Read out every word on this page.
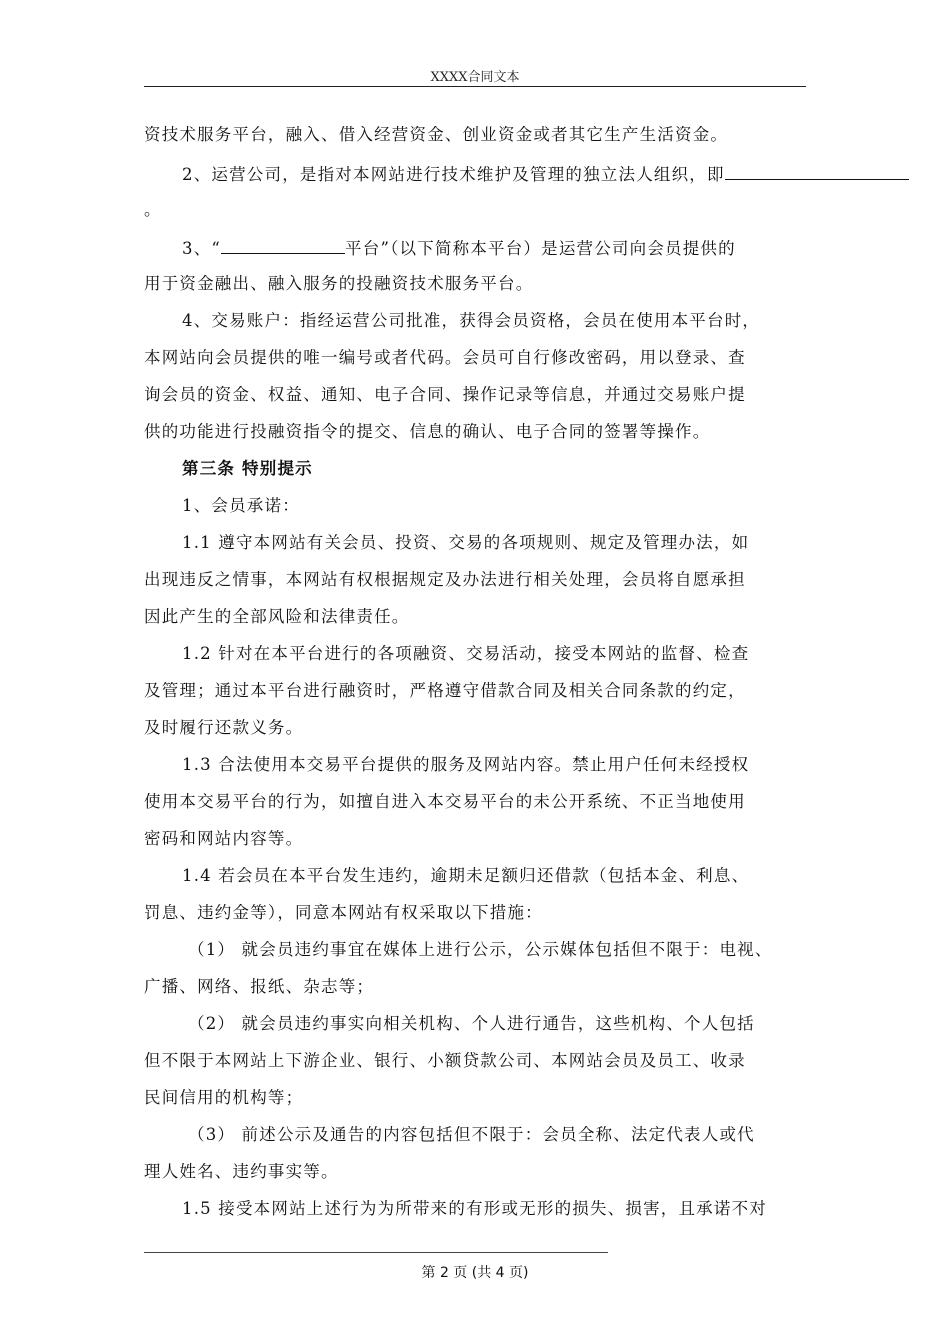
XXXX合同文本
资技术服务平台，融入、借入经营资金、创业资金或者其它生产生活资金。
2、运营公司，是指对本网站进行技术维护及管理的独立法人组织，即
。
3、“	平台”（以下简称本平台）是运营公司向会员提供的
用于资金融出、融入服务的投融资技术服务平台。
4、交易账户：指经运营公司批准，获得会员资格，会员在使用本平台时，
本网站向会员提供的唯一编号或者代码。会员可自行修改密码，用以登录、查
询会员的资金、权益、通知、电子合同、操作记录等信息，并通过交易账户提
供的功能进行投融资指令的提交、信息的确认、电子合同的签署等操作。
第三条 特别提示
1、会员承诺：
1.1 遵守本网站有关会员、投资、交易的各项规则、规定及管理办法，如
出现违反之情事，本网站有权根据规定及办法进行相关处理，会员将自愿承担
因此产生的全部风险和法律责任。
1.2 针对在本平台进行的各项融资、交易活动，接受本网站的监督、检查
及管理；通过本平台进行融资时，严格遵守借款合同及相关合同条款的约定，
及时履行还款义务。
1.3 合法使用本交易平台提供的服务及网站内容。禁止用户任何未经授权
使用本交易平台的行为，如擅自进入本交易平台的未公开系统、不正当地使用
密码和网站内容等。
1.4 若会员在本平台发生违约，逾期未足额归还借款（包括本金、利息、
罚息、违约金等），同意本网站有权采取以下措施：
（1） 就会员违约事宜在媒体上进行公示，公示媒体包括但不限于：电视、
广播、网络、报纸、杂志等；
（2） 就会员违约事实向相关机构、个人进行通告，这些机构、个人包括
但不限于本网站上下游企业、银行、小额贷款公司、本网站会员及员工、收录
民间信用的机构等；
（3） 前述公示及通告的内容包括但不限于：会员全称、法定代表人或代
理人姓名、违约事实等。
1.5 接受本网站上述行为为所带来的有形或无形的损失、损害，且承诺不对
第 2 页 (共 4 页)
